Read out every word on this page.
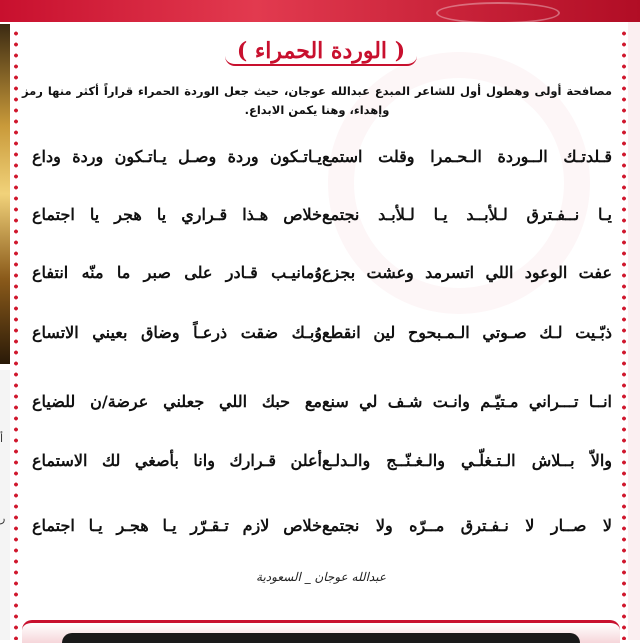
أ
ر
( الوردة الحمراء )
مصافحة أولى وهطول أول للشاعر المبدع عبدالله عوجان، حيث جعل الوردة الحمراء قراراً أكثر منها رمز وإهداء، وهنا يكمن الابداع.
قـلدتـك الــوردة الـحـمرا وقلت استمع
يـاتـكون وردة وصـل يـاتـكون وردة وداع
يـا نــفـترق لـلأبــد يـا لـلأبـد نجتمع
خلاص هـذا قـراري يا هجر يا اجتماع
عفت الوعود اللي اتسرمد وعشت بجزع
وُمانيـب قـادر على صبر ما منّه انتفاع
ذبّـيت لـك صـوتي الـمـبحوح لين انقطع
وُبـك ضقت ذرعـاً وضاق بعيني الاتساع
انــا تـــراني مـتيّـم وانـت شـف لي سنع
مع حبك اللي جعلني عرضة/ن للضياع
والاّ بــلاش الـتـغلّـي والـغـنّــج والـدلـع
أعلن قـرارك وانا بأصغي لك الاستماع
لا صــار لا نـفـترق مــرّه ولا نجتمع
خلاص لازم تـقـرّر يـا هجـر يـا اجتماع
عبدالله عوجان _ السعودية
